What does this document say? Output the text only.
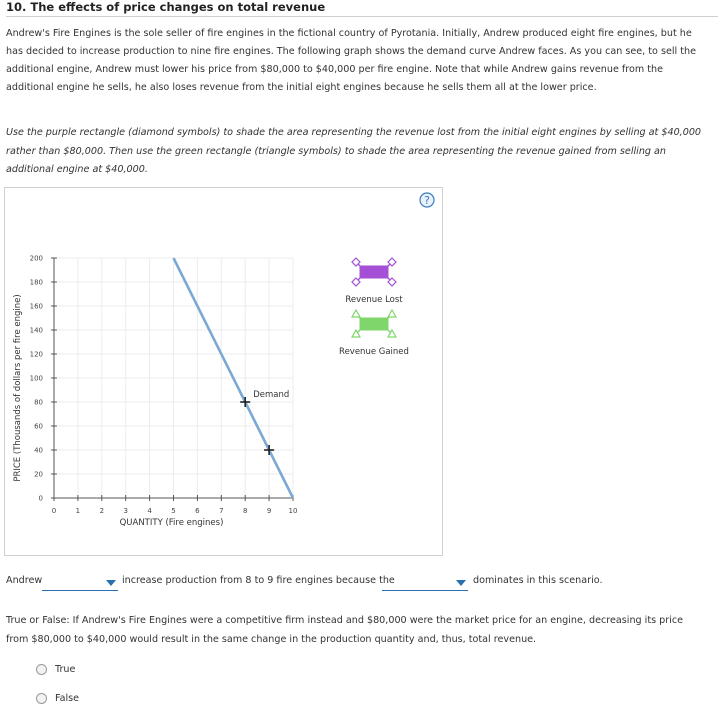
10. The effects of price changes on total revenue
Andrew's Fire Engines is the sole seller of fire engines in the fictional country of Pyrotania. Initially, Andrew produced eight fire engines, but he has decided to increase production to nine fire engines. The following graph shows the demand curve Andrew faces. As you can see, to sell the additional engine, Andrew must lower his price from $80,000 to $40,000 per fire engine. Note that while Andrew gains revenue from the additional engine he sells, he also loses revenue from the initial eight engines because he sells them all at the lower price.
Use the purple rectangle (diamond symbols) to shade the area representing the revenue lost from the initial eight engines by selling at $40,000 rather than $80,000. Then use the green rectangle (triangle symbols) to shade the area representing the revenue gained from selling an additional engine at $40,000.
0	1	2	3	4	5	6	7	8	9 10
0
20
40
60
80
100
120
140
160
180
200
Demand
QUANTITY (Fire engines)
PRICE (Thousands of dollars per fire engine)	Revenue Lost
Revenue Gained
?
Andrew	increase production from 8 to 9 fire engines because the	dominates in this scenario.
True or False: If Andrew's Fire Engines were a competitive firm instead and $80,000 were the market price for an engine, decreasing its price from $80,000 to $40,000 would result in the same change in the production quantity and, thus, total revenue.
True
False
